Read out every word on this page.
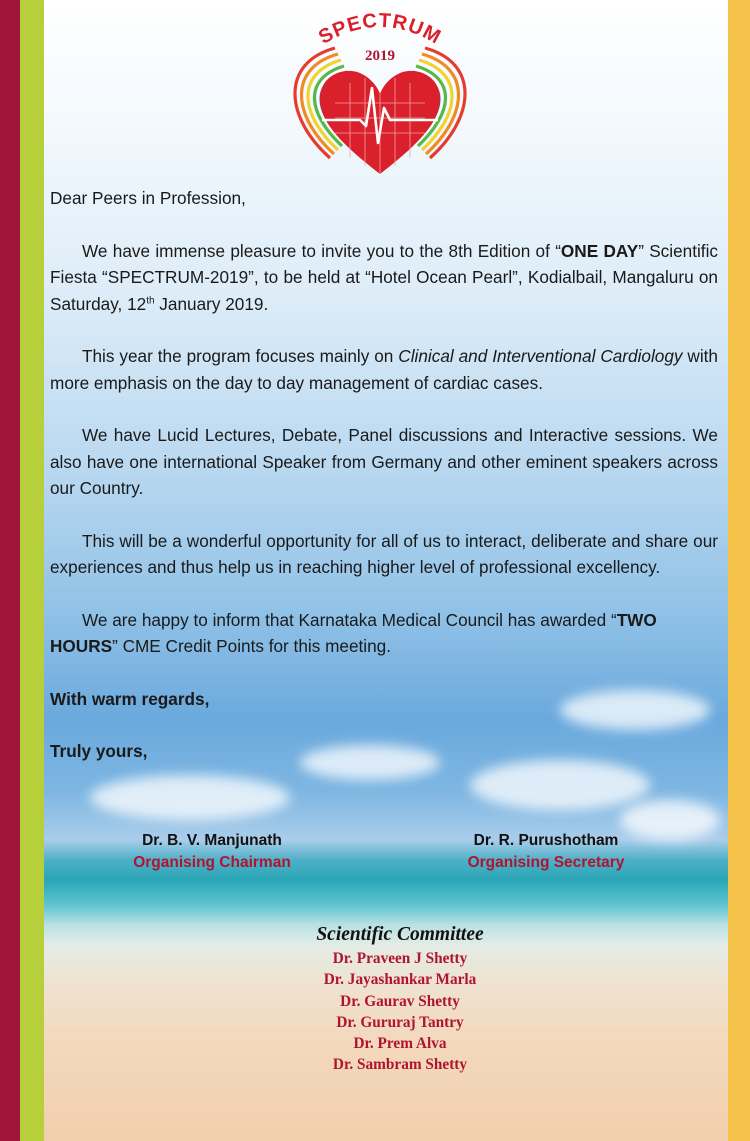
SPECTRUM
2019

Dear Peers in Profession,

We have immense pleasure to invite you to the 8th Edition of “ONE DAY” Scientific Fiesta “SPECTRUM-2019”, to be held at “Hotel Ocean Pearl”, Kodialbail, Mangaluru on Saturday, 12th January 2019.

This year the program focuses mainly on Clinical and Interventional Cardiology with more emphasis on the day to day management of cardiac cases.

We have Lucid Lectures, Debate, Panel discussions and Interactive sessions. We also have one international Speaker from Germany and other eminent speakers across our Country.

This will be a wonderful opportunity for all of us to interact, deliberate and share our experiences and thus help us in reaching higher level of professional excellency.

We are happy to inform that Karnataka Medical Council has awarded “TWO HOURS” CME Credit Points for this meeting.

With warm regards,

Truly yours,

Dr. B. V. Manjunath
Organising Chairman
Dr. R. Purushotham
Organising Secretary
Scientific Committee
Dr. Praveen J Shetty
Dr. Jayashankar Marla
Dr. Gaurav Shetty
Dr. Gururaj Tantry
Dr. Prem Alva
Dr. Sambram Shetty
